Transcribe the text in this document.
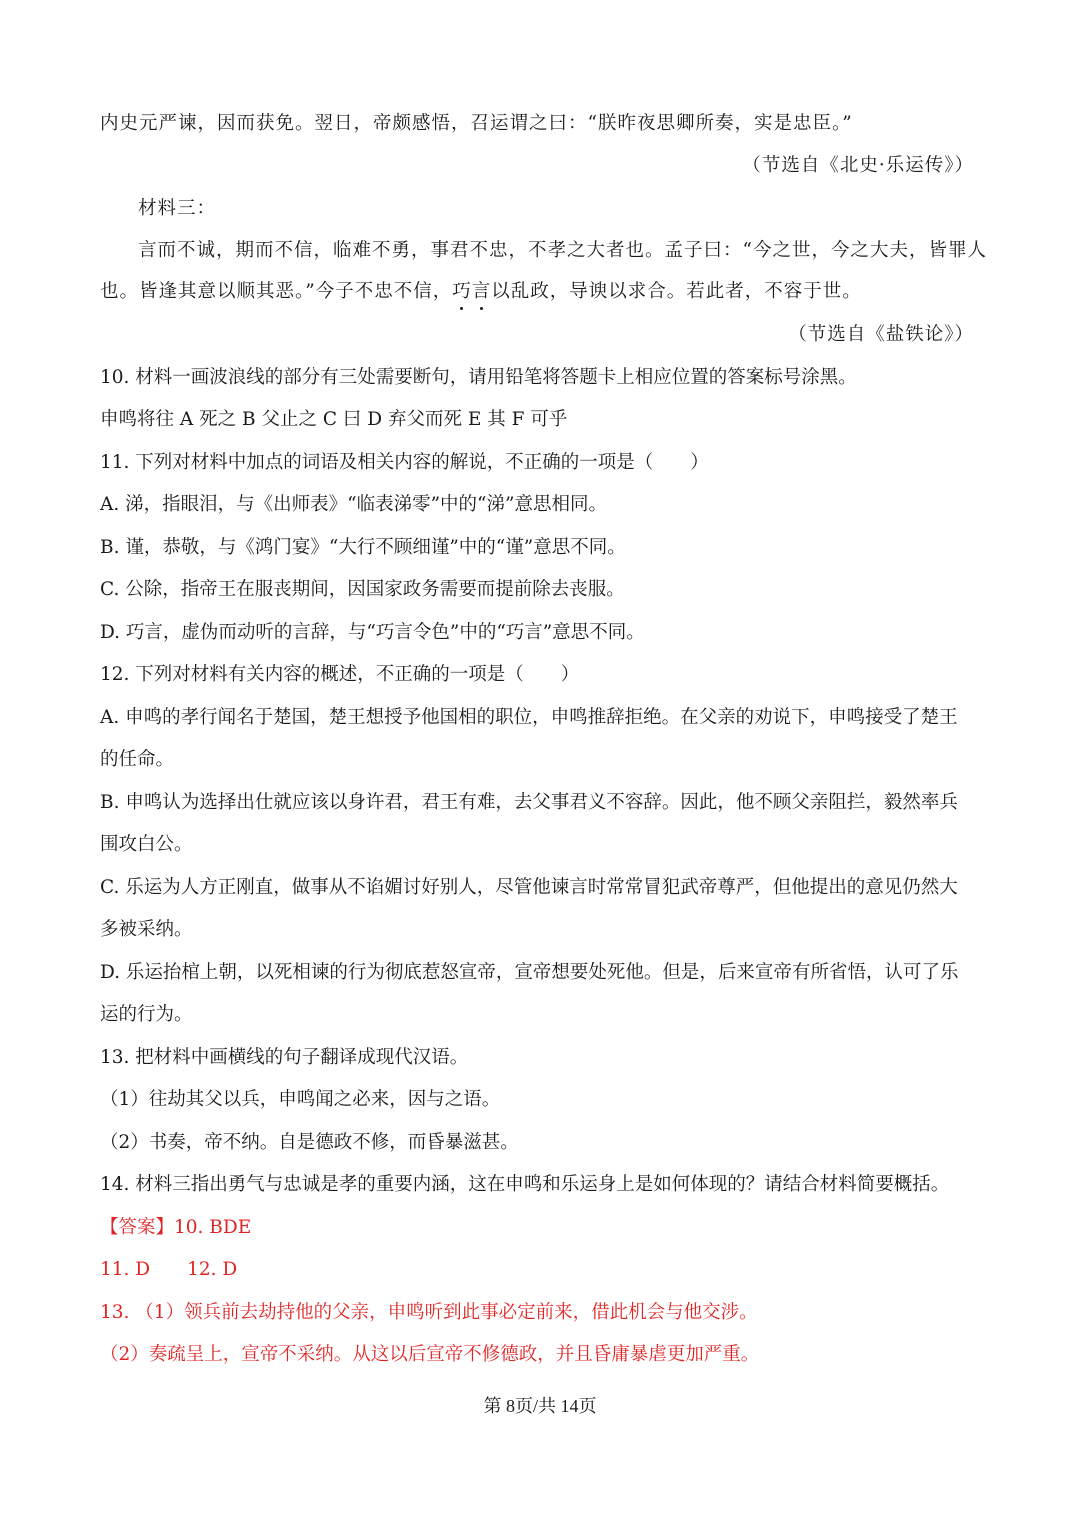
内史元严谏，因而获免。翌日，帝颇感悟，召运谓之曰：“朕昨夜思卿所奏，实是忠臣。”
（节选自《北史·乐运传》）
材料三：
言而不诚，期而不信，临难不勇，事君不忠，不孝之大者也。孟子曰：“今之世，今之大夫，皆罪人
也。皆逢其意以顺其恶。”今子不忠不信，巧言以乱政，导谀以求合。若此者，不容于世。
（节选自《盐铁论》）
10. 材料一画波浪线的部分有三处需要断句，请用铅笔将答题卡上相应位置的答案标号涂黑。
申鸣将往 A 死之 B 父止之 C 曰 D 弃父而死 E 其 F 可乎
11. 下列对材料中加点的词语及相关内容的解说，不正确的一项是（　　）
A. 涕，指眼泪，与《出师表》“临表涕零”中的“涕”意思相同。
B. 谨，恭敬，与《鸿门宴》“大行不顾细谨”中的“谨”意思不同。
C. 公除，指帝王在服丧期间，因国家政务需要而提前除去丧服。
D. 巧言，虚伪而动听的言辞，与“巧言令色”中的“巧言”意思不同。
12. 下列对材料有关内容的概述，不正确的一项是（　　）
A. 申鸣的孝行闻名于楚国，楚王想授予他国相的职位，申鸣推辞拒绝。在父亲的劝说下，申鸣接受了楚王
的任命。
B. 申鸣认为选择出仕就应该以身许君，君王有难，去父事君义不容辞。因此，他不顾父亲阻拦，毅然率兵
围攻白公。
C. 乐运为人方正刚直，做事从不谄媚讨好别人，尽管他谏言时常常冒犯武帝尊严，但他提出的意见仍然大
多被采纳。
D. 乐运抬棺上朝，以死相谏的行为彻底惹怒宣帝，宣帝想要处死他。但是，后来宣帝有所省悟，认可了乐
运的行为。
13. 把材料中画横线的句子翻译成现代汉语。
（1）往劫其父以兵，申鸣闻之必来，因与之语。
（2）书奏，帝不纳。自是德政不修，而昏暴滋甚。
14. 材料三指出勇气与忠诚是孝的重要内涵，这在申鸣和乐运身上是如何体现的？请结合材料简要概括。
【答案】10. BDE
11. D　　12. D
13. （1）领兵前去劫持他的父亲，申鸣听到此事必定前来，借此机会与他交涉。
（2）奏疏呈上，宣帝不采纳。从这以后宣帝不修德政，并且昏庸暴虐更加严重。
第 8页/共 14页
